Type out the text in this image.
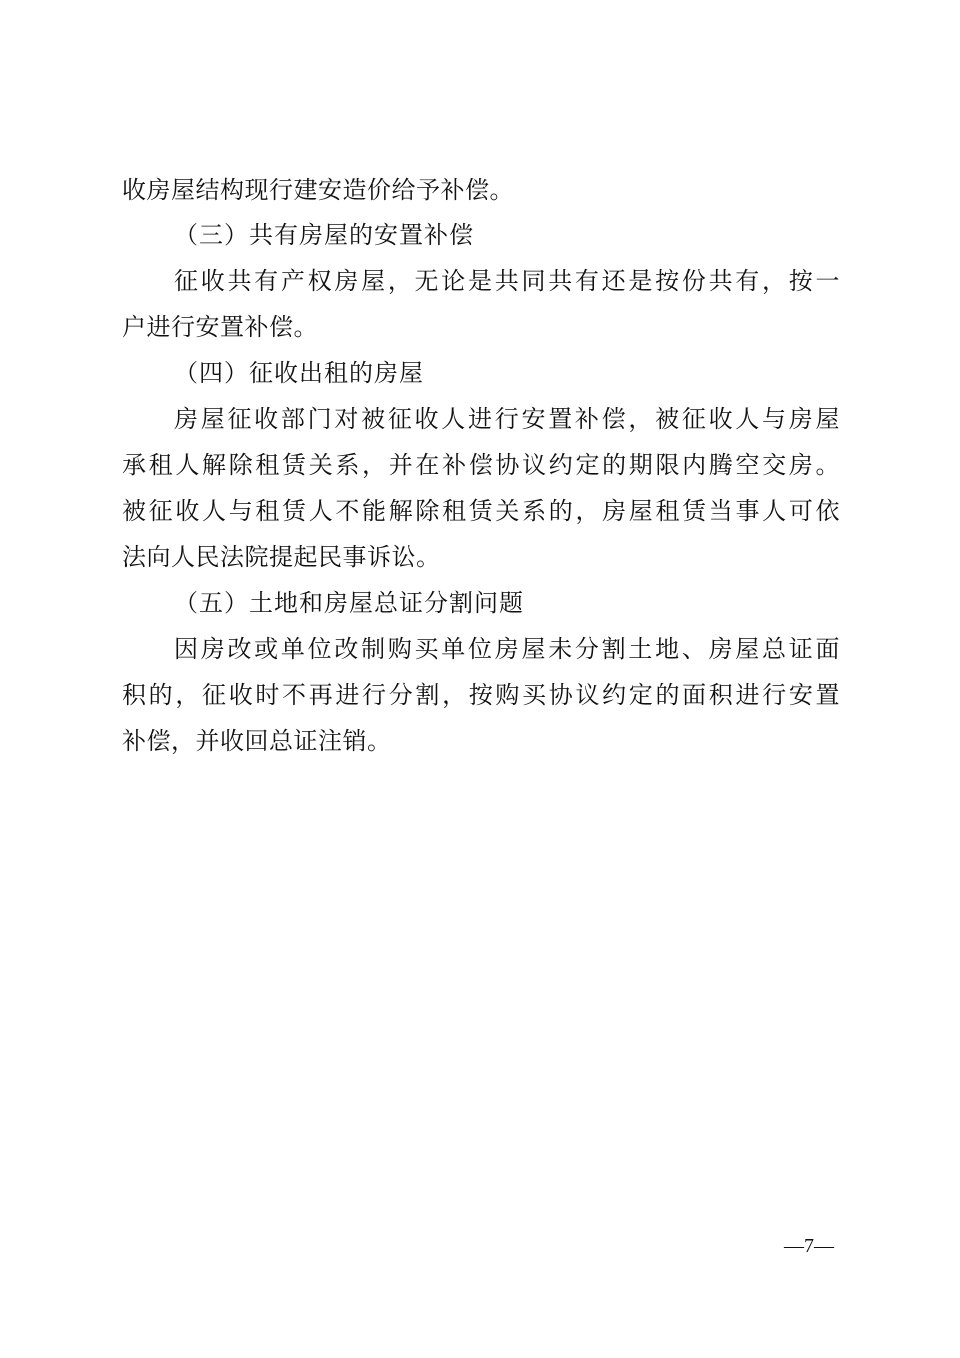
收房屋结构现行建安造价给予补偿。
（三）共有房屋的安置补偿
征收共有产权房屋，无论是共同共有还是按份共有，按一
户进行安置补偿。
（四）征收出租的房屋
房屋征收部门对被征收人进行安置补偿，被征收人与房屋
承租人解除租赁关系，并在补偿协议约定的期限内腾空交房。
被征收人与租赁人不能解除租赁关系的，房屋租赁当事人可依
法向人民法院提起民事诉讼。
（五）土地和房屋总证分割问题
因房改或单位改制购买单位房屋未分割土地、房屋总证面
积的，征收时不再进行分割，按购买协议约定的面积进行安置
补偿，并收回总证注销。
—7—
